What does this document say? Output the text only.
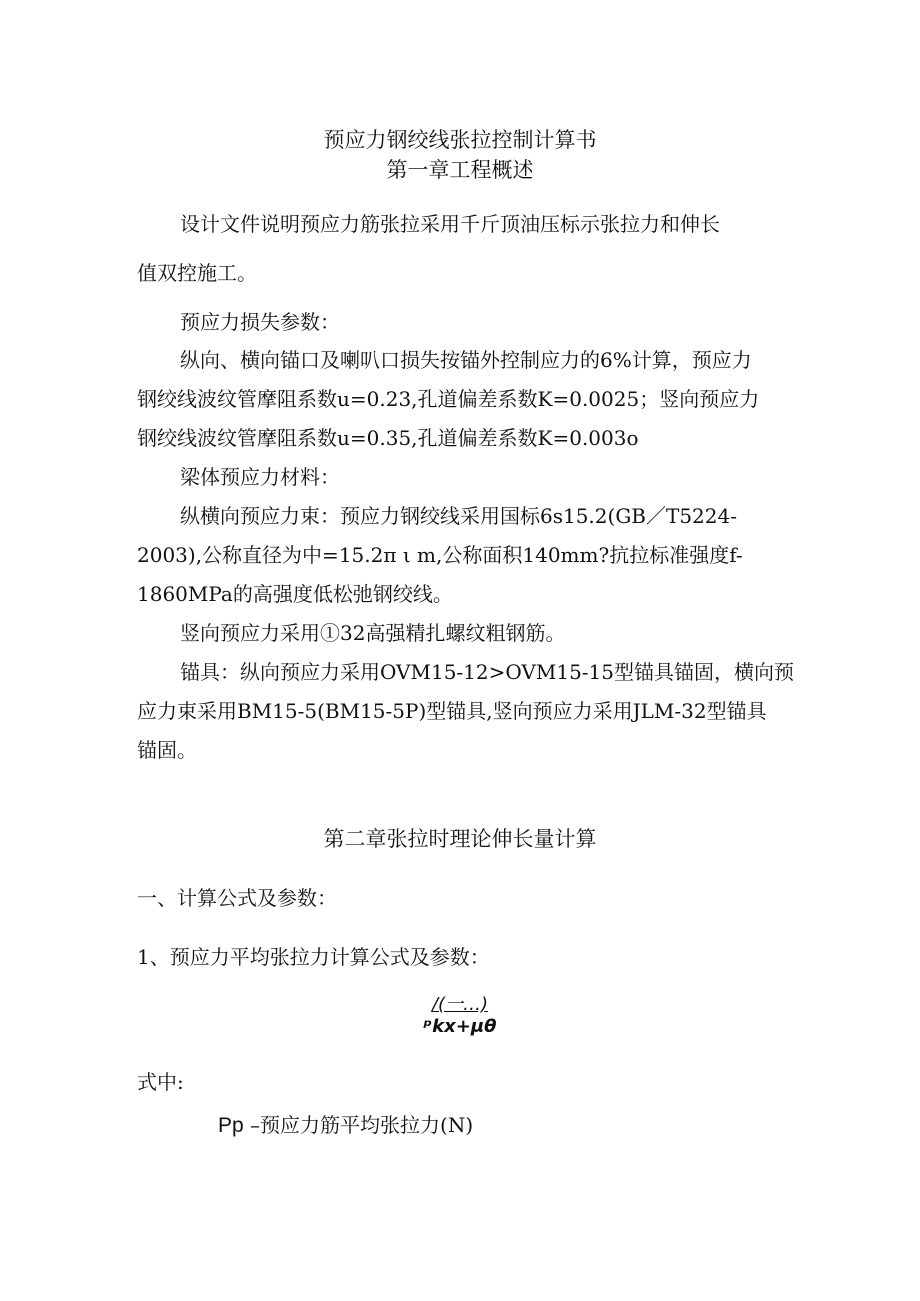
预应力钢绞线张拉控制计算书
第一章工程概述
设计文件说明预应力筋张拉采用千斤顶油压标示张拉力和伸长
值双控施工。
预应力损失参数：
纵向、横向锚口及喇叭口损失按锚外控制应力的6%计算，预应力
钢绞线波纹管摩阻系数u=0.23,孔道偏差系数K=0.0025；竖向预应力
钢绞线波纹管摩阻系数u=0.35,孔道偏差系数K=0.003o
梁体预应力材料：
纵横向预应力束：预应力钢绞线采用国标6s15.2(GB／T5224-
2003),公称直径为中=15.2π ι m,公称面积140mm?抗拉标准强度f-
1860MPa的高强度低松弛钢绞线。
竖向预应力采用①32高强精扎螺纹粗钢筋。
锚具：纵向预应力采用OVM15-12>OVM15-15型锚具锚固，横向预
应力束采用BM15-5(BM15-5P)型锚具,竖向预应力采用JLM-32型锚具
锚固。
第二章张拉时理论伸长量计算
一、计算公式及参数：
1、预应力平均张拉力计算公式及参数：
/(一…)
ᵖkx+μθ
式中:
Pp –预应力筋平均张拉力(N)
